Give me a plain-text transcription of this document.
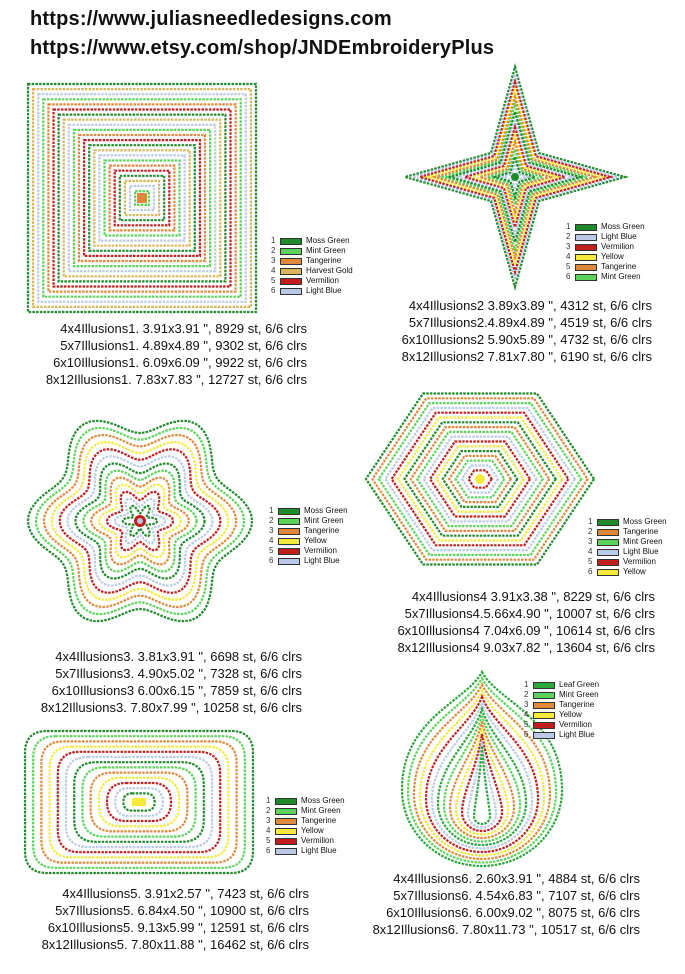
https://www.juliasneedledesigns.com
https://www.etsy.com/shop/JNDEmbroideryPlus
1	Moss Green
2	Mint Green
3	Tangerine
4	Harvest Gold
5	Vermilion
6	Light Blue
4x4Illusions1. 3.91x3.91 ", 8929 st, 6/6 clrs
5x7Illusions1. 4.89x4.89 ", 9302 st, 6/6 clrs
6x10Illusions1. 6.09x6.09 ", 9922 st, 6/6 clrs
8x12Illusions1. 7.83x7.83 ", 12727 st, 6/6 clrs
1	Moss Green
2	Light Blue
3	Vermilion
4	Yellow
5	Tangerine
6	Mint Green
4x4Illusions2 3.89x3.89 ", 4312 st, 6/6 clrs
5x7Illusions2.4.89x4.89 ", 4519 st, 6/6 clrs
6x10Illusions2 5.90x5.89 ", 4732 st, 6/6 clrs
8x12Illusions2 7.81x7.80 ", 6190 st, 6/6 clrs
1	Moss Green
2	Mint Green
3	Tangerine
4	Yellow
5	Vermilion
6	Light Blue
4x4Illusions3. 3.81x3.91 ", 6698 st, 6/6 clrs
5x7Illusions3. 4.90x5.02 ", 7328 st, 6/6 clrs
6x10Illusions3 6.00x6.15 ", 7859 st, 6/6 clrs
8x12Illusions3. 7.80x7.99 ", 10258 st, 6/6 clrs
1	Moss Green
2	Tangerine
3	Mint Green
4	Light Blue
5	Vermilion
6	Yellow
4x4Illusions4 3.91x3.38 ", 8229 st, 6/6 clrs
5x7Illusions4.5.66x4.90 ", 10007 st, 6/6 clrs
6x10Illusions4 7.04x6.09 ", 10614 st, 6/6 clrs
8x12Illusions4 9.03x7.82 ", 13604 st, 6/6 clrs
1	Moss Green
2	Mint Green
3	Tangerine
4	Yellow
5	Vermilion
6	Light Blue
4x4Illusions5. 3.91x2.57 ", 7423 st, 6/6 clrs
5x7Illusions5. 6.84x4.50 ", 10900 st, 6/6 clrs
6x10Illusions5. 9.13x5.99 ", 12591 st, 6/6 clrs
8x12Illusions5. 7.80x11.88 ", 16462 st, 6/6 clrs
1	Leaf Green
2	Mint Green
3	Tangerine
4	Yellow
5	Vermilion
6	Light Blue
4x4Illusions6. 2.60x3.91 ", 4884 st, 6/6 clrs
5x7Illusions6. 4.54x6.83 ", 7107 st, 6/6 clrs
6x10Illusions6. 6.00x9.02 ", 8075 st, 6/6 clrs
8x12Illusions6. 7.80x11.73 ", 10517 st, 6/6 clrs
